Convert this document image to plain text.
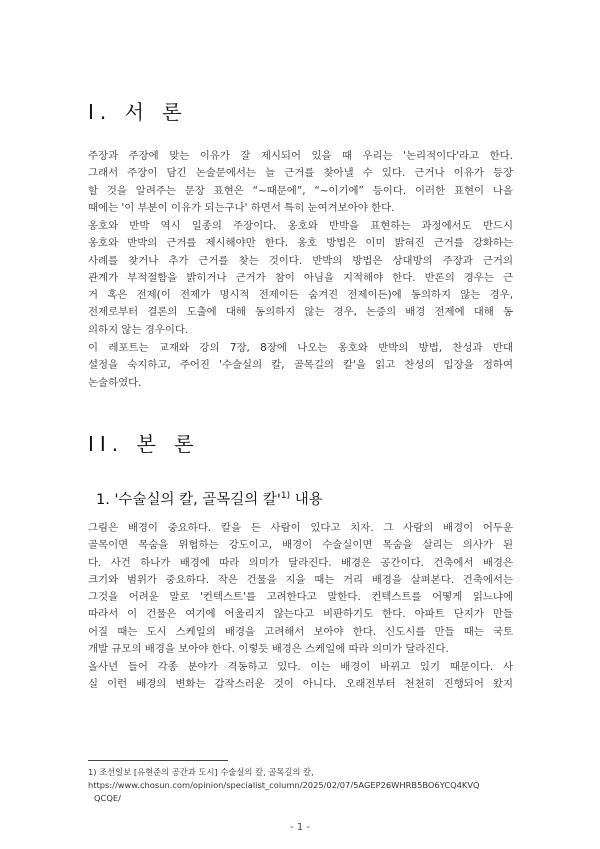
I. 서 론
주장과 주장에 맞는 이유가 잘 제시되어 있을 때 우리는 '논리적이다'라고 한다.
그래서 주장이 담긴 논술문에서는 늘 근거를 찾아낼 수 있다. 근거나 이유가 등장
할 것을 알려주는 문장 표현은 “~때문에”, “~이기에” 등이다. 이러한 표현이 나올
때에는 '이 부분이 이유가 되는구나' 하면서 특히 눈여겨보아야 한다.
옹호와 반박 역시 일종의 주장이다. 옹호와 반박을 표현하는 과정에서도 반드시
옹호와 반박의 근거를 제시해야만 한다. 옹호 방법은 이미 밝혀진 근거를 강화하는
사례를 찾거나 추가 근거를 찾는 것이다. 반박의 방법은 상대방의 주장과 근거의
관계가 부적절함을 밝히거나 근거가 참이 아님을 지적해야 한다. 반론의 경우는 근
거 혹은 전제(이 전제가 명시적 전제이든 숨겨진 전제이든)에 동의하지 않는 경우,
전제로부터 결론의 도출에 대해 동의하지 않는 경우, 논증의 배경 전제에 대해 동
의하지 않는 경우이다.
이 레포트는 교재와 강의 7장, 8장에 나오는 옹호와 반박의 방법, 찬성과 반대
설정을 숙지하고, 주어진 '수술실의 칼, 골목길의 칼'을 읽고 찬성의 입장을 정하여
논술하였다.
II. 본 론
1. '수술실의 칼, 골목길의 칼'$^{1)}$ 내용
그림은 배경이 중요하다. 칼을 든 사람이 있다고 치자. 그 사람의 배경이 어두운
골목이면 목숨을 위협하는 강도이고, 배경이 수술실이면 목숨을 살리는 의사가 된
다. 사건 하나가 배경에 따라 의미가 달라진다. 배경은 공간이다. 건축에서 배경은
크기와 범위가 중요하다. 작은 건물을 지을 때는 거리 배경을 살펴본다. 건축에서는
그것을 어려운 말로 '컨텍스트'를 고려한다고 말한다. 컨텍스트를 어떻게 읽느냐에
따라서 이 건물은 여기에 어울리지 않는다고 비판하기도 한다. 아파트 단지가 만들
어질 때는 도시 스케일의 배경을 고려해서 보아야 한다. 신도시를 만들 때는 국토
개발 규모의 배경을 보아야 한다. 이렇듯 배경은 스케일에 따라 의미가 달라진다.
올사년 들어 각종 분야가 격동하고 있다. 이는 배경이 바뀌고 있기 때문이다. 사
실 이런 배경의 변화는 갑작스러운 것이 아니다. 오래전부터 천천히 진행되어 왔지
1) 조선일보 [유현준의 공간과 도시] 수술실의 칼, 골목길의 칼,
https://www.chosun.com/opinion/specialist_column/2025/02/07/5AGEP26WHRB5BO6YCQ4KVQ
QCQE/
- 1 -
